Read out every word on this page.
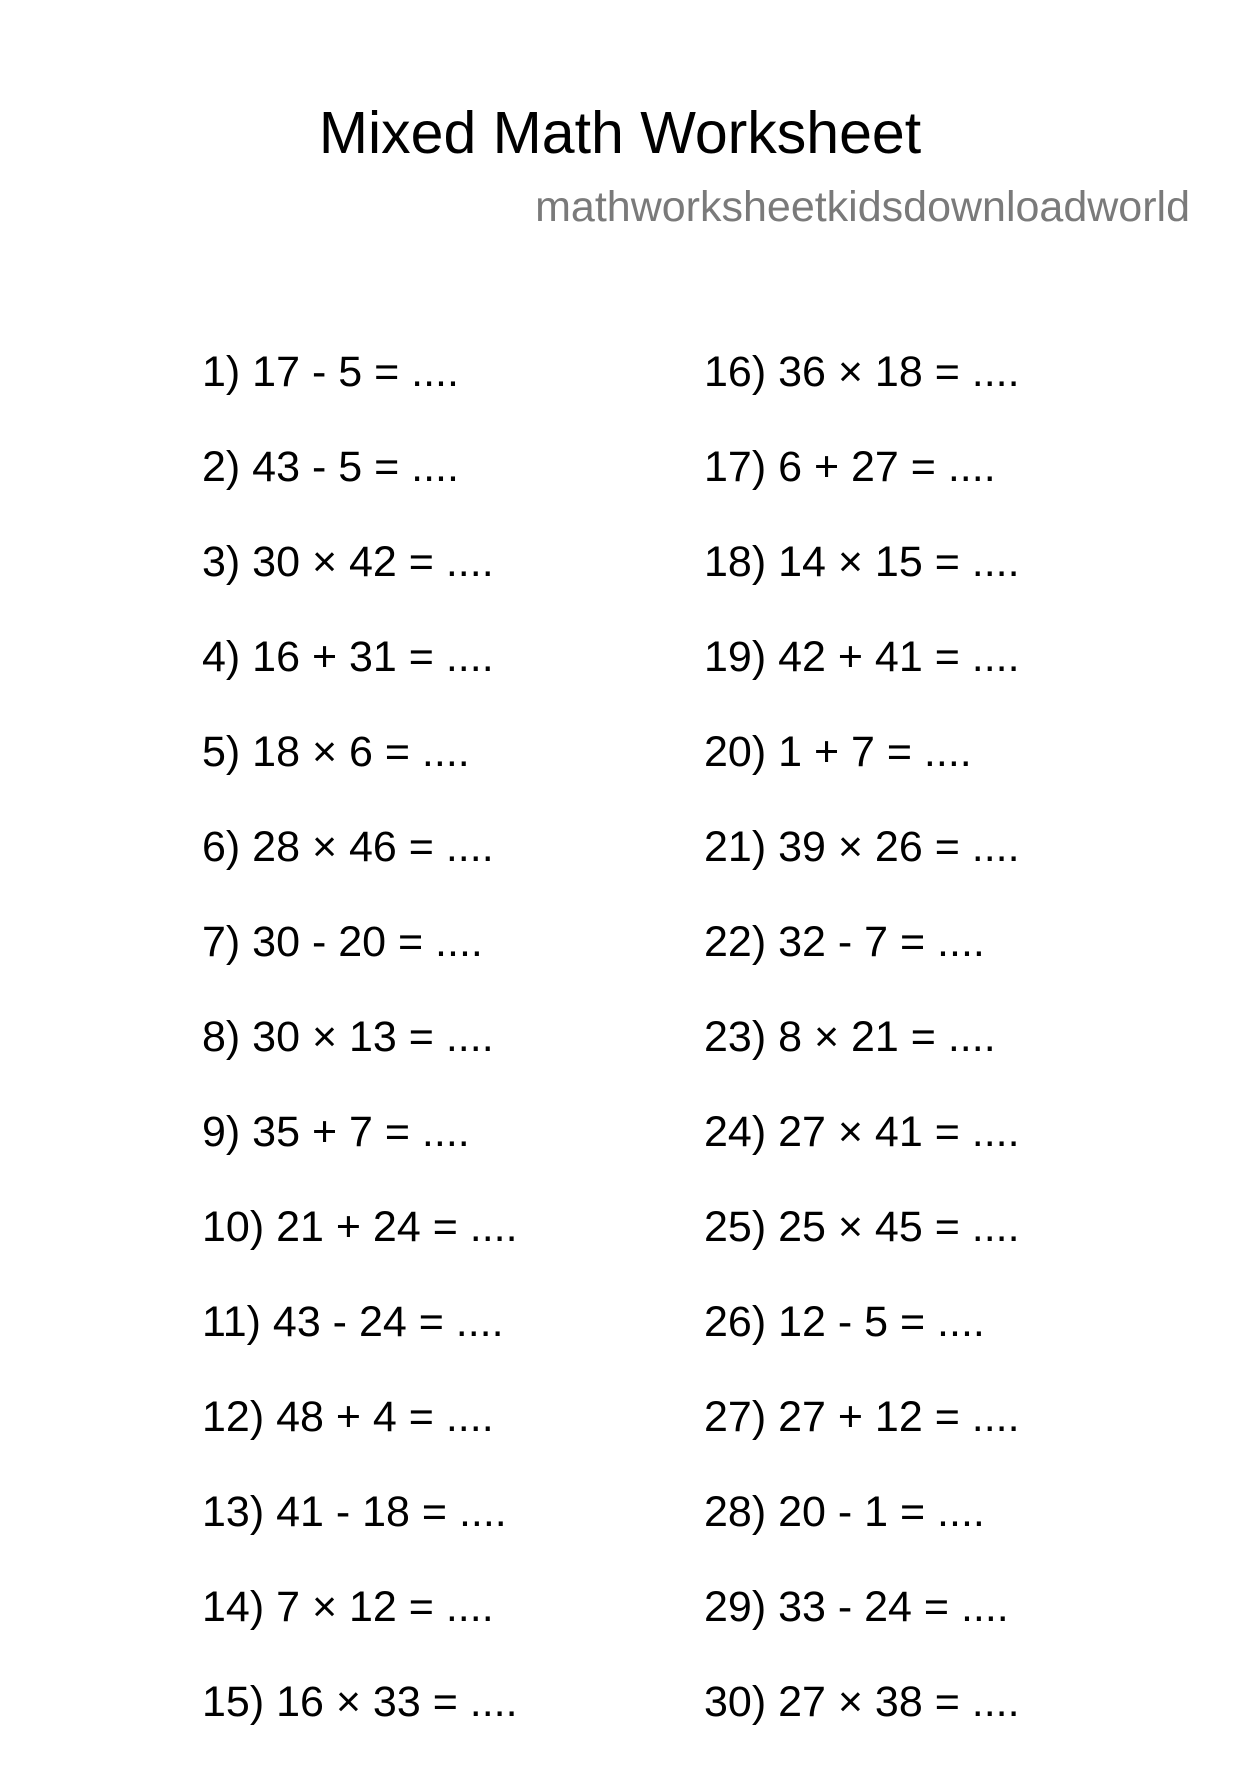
Mixed Math Worksheet
mathworksheetkidsdownloadworld
1) 17 - 5 = ....
2) 43 - 5 = ....
3) 30 × 42 = ....
4) 16 + 31 = ....
5) 18 × 6 = ....
6) 28 × 46 = ....
7) 30 - 20 = ....
8) 30 × 13 = ....
9) 35 + 7 = ....
10) 21 + 24 = ....
11) 43 - 24 = ....
12) 48 + 4 = ....
13) 41 - 18 = ....
14) 7 × 12 = ....
15) 16 × 33 = ....
16) 36 × 18 = ....
17) 6 + 27 = ....
18) 14 × 15 = ....
19) 42 + 41 = ....
20) 1 + 7 = ....
21) 39 × 26 = ....
22) 32 - 7 = ....
23) 8 × 21 = ....
24) 27 × 41 = ....
25) 25 × 45 = ....
26) 12 - 5 = ....
27) 27 + 12 = ....
28) 20 - 1 = ....
29) 33 - 24 = ....
30) 27 × 38 = ....
